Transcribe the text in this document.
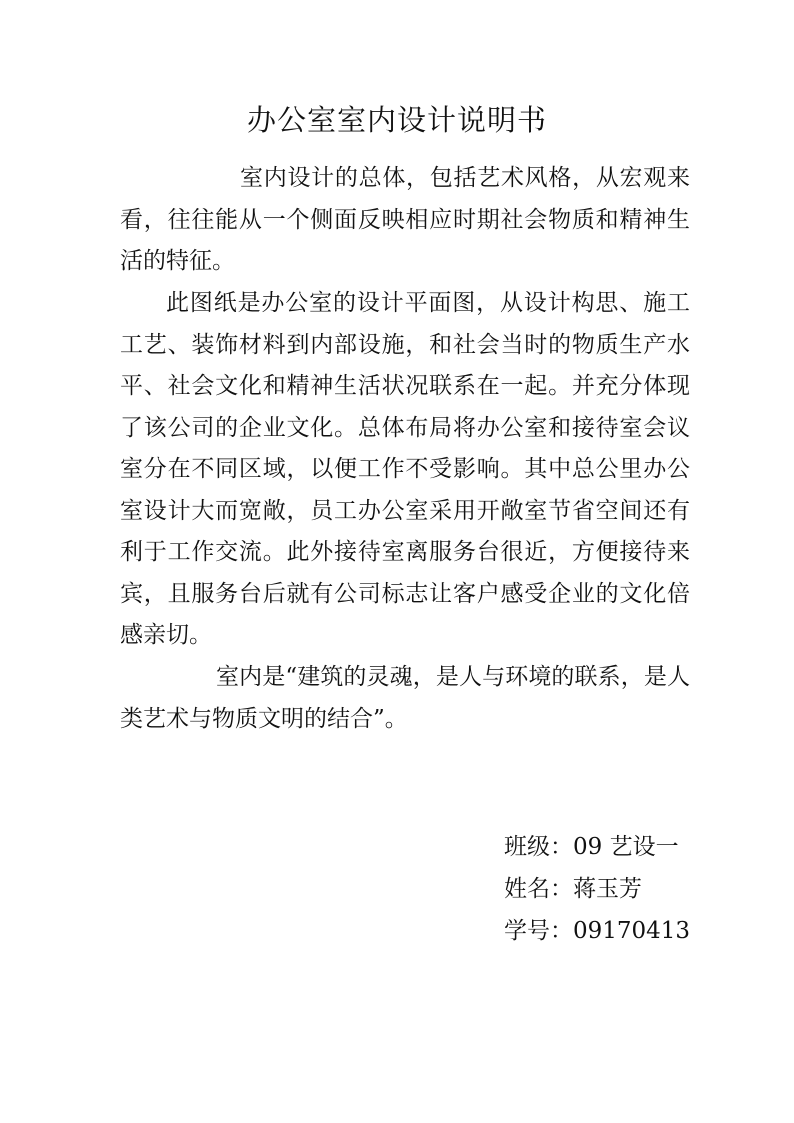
办公室室内设计说明书

室内设计的总体，包括艺术风格，从宏观来看，往往能从一个侧面反映相应时期社会物质和精神生活的特征。

此图纸是办公室的设计平面图，从设计构思、施工工艺、装饰材料到内部设施，和社会当时的物质生产水平、社会文化和精神生活状况联系在一起。并充分体现了该公司的企业文化。总体布局将办公室和接待室会议室分在不同区域，以便工作不受影响。其中总公里办公室设计大而宽敞，员工办公室采用开敞室节省空间还有利于工作交流。此外接待室离服务台很近，方便接待来宾，且服务台后就有公司标志让客户感受企业的文化倍感亲切。

室内是“建筑的灵魂，是人与环境的联系，是人类艺术与物质文明的结合”。

班级：09 艺设一
姓名：蒋玉芳
学号：09170413
